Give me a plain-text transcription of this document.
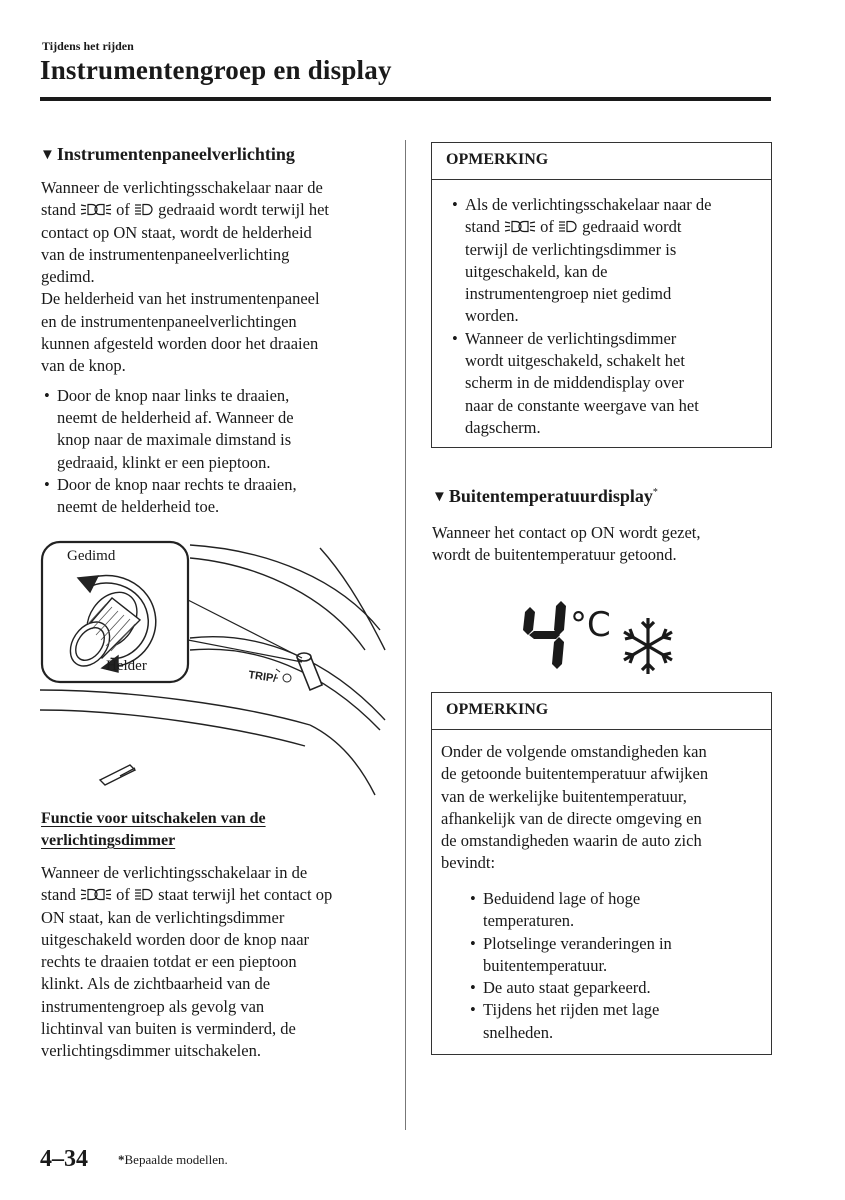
Tijdens het rijden
Instrumentengroep en display
▼ Instrumentenpaneelverlichting

Wanneer de verlichtingsschakelaar naar de
stand  of  gedraaid wordt terwijl het
contact op ON staat, wordt de helderheid
van de instrumentenpaneelverlichting
gedimd.

De helderheid van het instrumentenpaneel
en de instrumentenpaneelverlichtingen
kunnen afgesteld worden door het draaien
van de knop.

• Door de knop naar links te draaien,
neemt de helderheid af. Wanneer de
knop naar de maximale dimstand is
gedraaid, klinkt er een pieptoon.
• Door de knop naar rechts te draaien,
neemt de helderheid toe.
TRIP/
Gedimd
Helder
Functie voor uitschakelen van de
verlichtingsdimmer

Wanneer de verlichtingsschakelaar in de
stand  of  staat terwijl het contact op
ON staat, kan de verlichtingsdimmer
uitgeschakeld worden door de knop naar
rechts te draaien totdat er een pieptoon
klinkt. Als de zichtbaarheid van de
instrumentengroep als gevolg van
lichtinval van buiten is verminderd, de
verlichtingsdimmer uitschakelen.

OPMERKING
• Als de verlichtingsschakelaar naar de
stand  of  gedraaid wordt
terwijl de verlichtingsdimmer is
uitgeschakeld, kan de
instrumentengroep niet gedimd
worden.
• Wanneer de verlichtingsdimmer
wordt uitgeschakeld, schakelt het
scherm in de middendisplay over
naar de constante weergave van het
dagscherm.
▼ Buitentemperatuurdisplay*

Wanneer het contact op ON wordt gezet,
wordt de buitentemperatuur getoond.

°C
OPMERKING

Onder de volgende omstandigheden kan
de getoonde buitentemperatuur afwijken
van de werkelijke buitentemperatuur,
afhankelijk van de directe omgeving en
de omstandigheden waarin de auto zich
bevindt:

• Beduidend lage of hoge
temperaturen.
• Plotselinge veranderingen in
buitentemperatuur.
• De auto staat geparkeerd.
• Tijdens het rijden met lage
snelheden.
4–34 *Bepaalde modellen.
